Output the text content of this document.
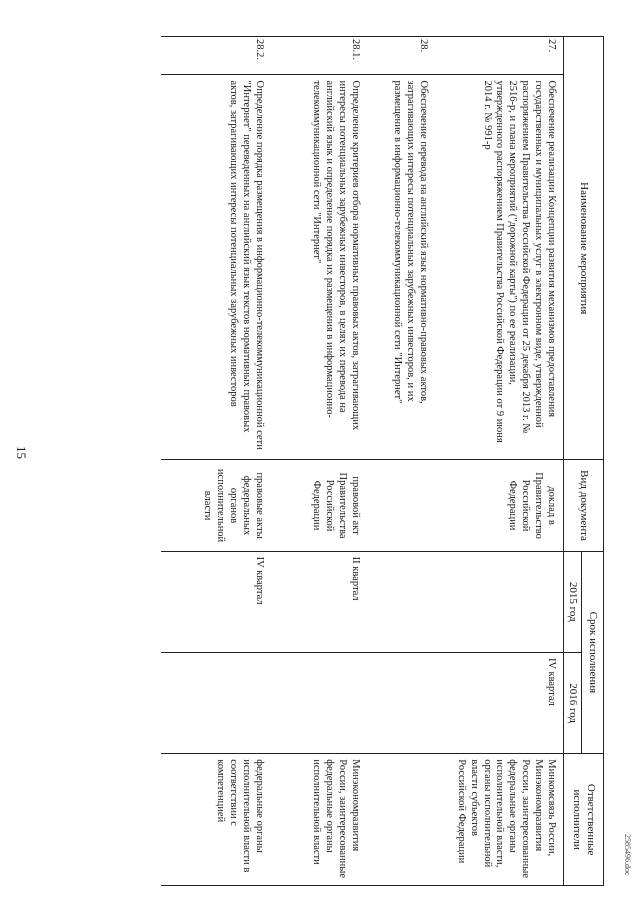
15
2585496.doc
Наименование мероприятия		Вид документа	Срок исполнения		Ответственные исполнители
			2015 год	2016 год	
27.	Обеспечение реализации Концепции развития механизмов предоставления государственных и муниципальных услуг в электронном виде, утвержденной распоряжением Правительства Российской Федерации от 25 декабря 2013 г. № 2516-р, и плана мероприятий ("дорожной карты") по ее реализации, утвержденного распоряжением Правительства Российской Федерации от 9 июня 2014 г. № 991-р	доклад в Правительство Российской Федерации		IV квартал	Минкомсвязь России, Минэкономразвития России, заинтересованные федеральные органы исполнительной власти, органы исполнительной власти субъектов Российской Федерации
28.	Обеспечение перевода на английский язык нормативно-правовых актов, затрагивающих интересы потенциальных зарубежных инвесторов, и их размещение в информационно-телекоммуникационной сети "Интернет"				
28.1.	Определение критериев отбора нормативных правовых актов, затрагивающих интересы потенциальных зарубежных инвесторов, в целях их перевода на английский язык и определение порядка их размещения в информационно-телекоммуникационной сети "Интернет"	правовой акт Правительства Российской Федерации	II квартал		Минэкономразвития России, заинтересованные федеральные органы исполнительной власти
28.2.	Определение порядка размещения в информационно-телекоммуникационной сети "Интернет" переведенных на английский язык текстов нормативных правовых актов, затрагивающих интересы потенциальных зарубежных инвесторов	правовые акты федеральных органов исполнительной власти	IV квартал		федеральные органы исполнительной власти в соответствии с компетенцией
